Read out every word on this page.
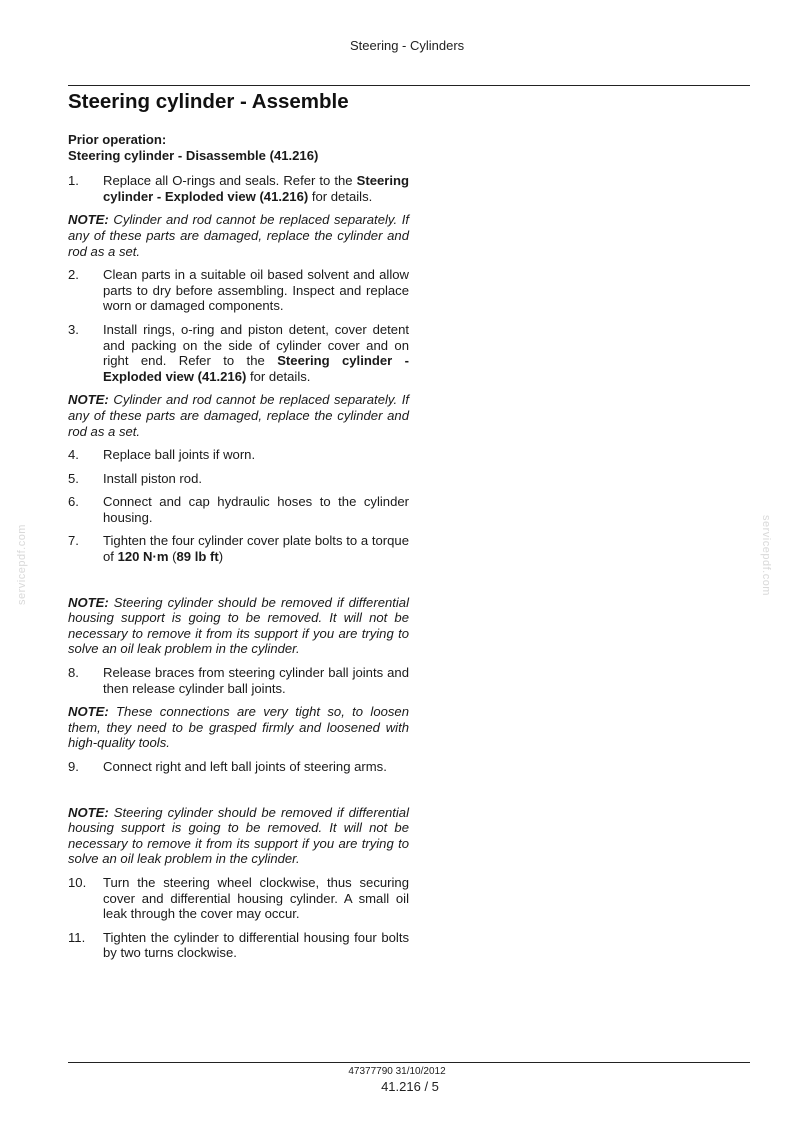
Steering - Cylinders
Steering cylinder - Assemble
servicepdf.com	servicepdf.com

Prior operation:
Steering cylinder - Disassemble (41.216)

1.	Replace all O-rings and seals. Refer to the Steering cylinder - Exploded view (41.216) for details.
NOTE: Cylinder and rod cannot be replaced separately. If any of these parts are damaged, replace the cylinder and rod as a set.
2.	Clean parts in a suitable oil based solvent and allow parts to dry before assembling. Inspect and replace worn or damaged components.
3.	Install rings, o-ring and piston detent, cover detent and packing on the side of cylinder cover and on right end. Refer to the Steering cylinder - Exploded view (41.216) for details.
NOTE: Cylinder and rod cannot be replaced separately. If any of these parts are damaged, replace the cylinder and rod as a set.
4.	Replace ball joints if worn.
5.	Install piston rod.
6.	Connect and cap hydraulic hoses to the cylinder housing.
7.	Tighten the four cylinder cover plate bolts to a torque of 120 N·m (89 lb ft)
NOTE: Steering cylinder should be removed if differential housing support is going to be removed. It will not be necessary to remove it from its support if you are trying to solve an oil leak problem in the cylinder.
8.	Release braces from steering cylinder ball joints and then release cylinder ball joints.
NOTE: These connections are very tight so, to loosen them, they need to be grasped firmly and loosened with high-quality tools.
9.	Connect right and left ball joints of steering arms.
NOTE: Steering cylinder should be removed if differential housing support is going to be removed. It will not be necessary to remove it from its support if you are trying to solve an oil leak problem in the cylinder.
10.	Turn the steering wheel clockwise, thus securing cover and differential housing cylinder. A small oil leak through the cover may occur.
11.	Tighten the cylinder to differential housing four bolts by two turns clockwise.
47377790 31/10/2012
41.216 / 5
